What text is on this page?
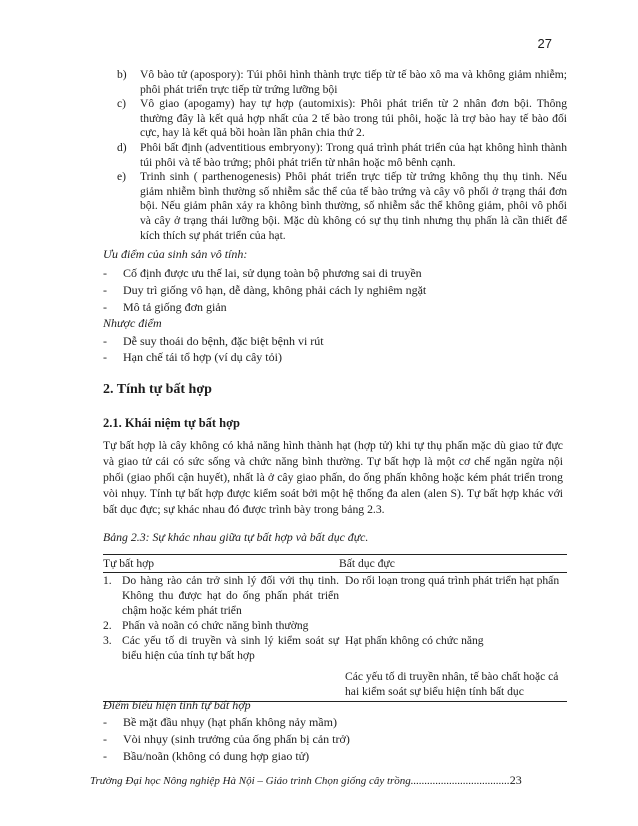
27
b) Vô bào tử (apospory): Túi phôi hình thành trực tiếp từ tế bào xô ma và không giảm nhiễm; phôi phát triển trực tiếp từ trứng lưỡng bội
c) Vô giao (apogamy) hay tự hợp (automixis): Phôi phát triển từ 2 nhân đơn bội. Thông thường đây là kết quả hợp nhất của 2 tế bào trong túi phôi, hoặc là trợ bào hay tế bào đối cực, hay là kết quả bồi hoàn lần phân chia thứ 2.
d) Phôi bất định (adventitious embryony): Trong quá trình phát triển của hạt không hình thành túi phôi và tế bào trứng; phôi phát triển từ nhân hoặc mô bênh cạnh.
e) Trinh sinh ( parthenogenesis) Phôi phát triển trực tiếp từ trứng không thụ thụ tinh. Nếu giảm nhiễm bình thường số nhiễm sắc thể của tế bào trứng và cây vô phối ở trạng thái đơn bội. Nếu giảm phân xảy ra không bình thường, số nhiễm sắc thể không giảm, phôi vô phối và cây ở trạng thái lưỡng bội. Mặc dù không có sự thụ tinh nhưng thụ phấn là cần thiết để kích thích sự phát triển của hạt.
Ưu điểm của sinh sản vô tính:
- Cố định được ưu thế lai, sử dụng toàn bộ phương sai di truyền
- Duy trì giống vô hạn, dễ dàng, không phải cách ly nghiêm ngặt
- Mô tả giống đơn giản
Nhược điểm
- Dễ suy thoái do bệnh, đặc biệt bệnh vi rút
- Hạn chế tái tổ hợp (ví dụ cây tỏi)
2. Tính tự bất hợp
2.1. Khái niệm tự bất hợp
Tự bất hợp là cây không có khả năng hình thành hạt (hợp tử) khi tự thụ phấn mặc dù giao tử đực và giao tử cái có sức sống và chức năng bình thường. Tự bất hợp là một cơ chế ngăn ngừa nội phối (giao phối cận huyết), nhất là ở cây giao phấn, do ống phấn không hoặc kém phát triển trong vòi nhụy. Tính tự bất hợp được kiểm soát bởi một hệ thống đa alen (alen S). Tự bất hợp khác với bất dục đực; sự khác nhau đó được trình bày trong bảng 2.3.
Bảng 2.3: Sự khác nhau giữa tự bất hợp và bất dục đực.
Tự bất hợp	Bất dục đực
1. Do hàng rào cản trở sinh lý đối với thụ tinh. Không thu được hạt do ống phấn phát triển chậm hoặc kém phát triển
Do rối loạn trong quá trình phát triển hạt phấn
2. Phấn và noãn có chức năng bình thường
3. Các yếu tố di truyền và sinh lý kiểm soát sự biểu hiện của tính tự bất hợp
Hạt phấn không có chức năng
Các yếu tố di truyền nhân, tế bào chất hoặc cả hai kiểm soát sự biểu hiện tính bất dục
Điểm biểu hiện tính tự bất hợp
- Bề mặt đầu nhụy (hạt phấn không nảy mầm)
- Vòi nhụy (sinh trưởng của ống phấn bị cản trở)
- Bầu/noãn (không có dung hợp giao tử)
Trường Đại học Nông nghiệp Hà Nội – Giáo trình Chọn giống cây trồng....................................23
